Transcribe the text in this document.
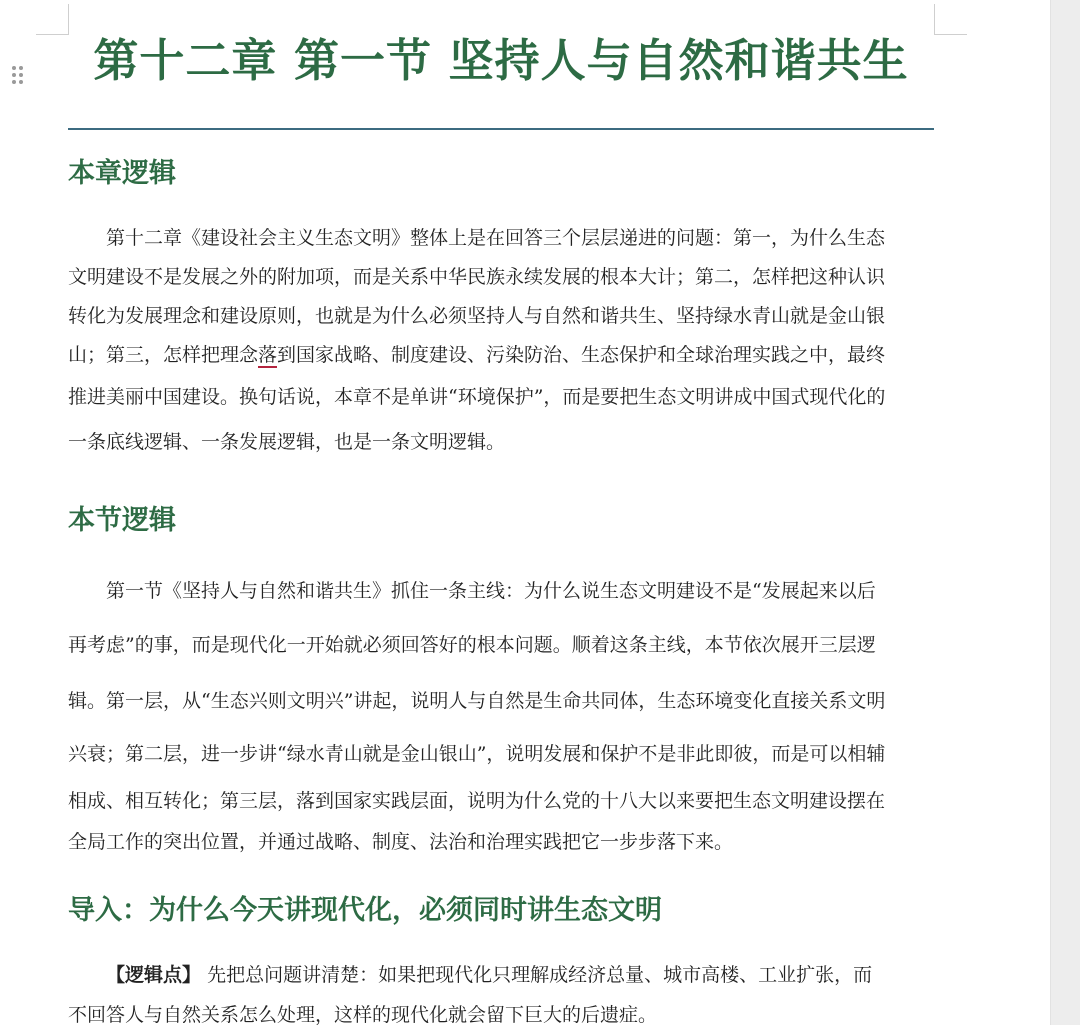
第十二章 第一节 坚持人与自然和谐共生
本章逻辑
第十二章《建设社会主义生态文明》整体上是在回答三个层层递进的问题：第一，为什么生态
文明建设不是发展之外的附加项，而是关系中华民族永续发展的根本大计；第二，怎样把这种认识
转化为发展理念和建设原则，也就是为什么必须坚持人与自然和谐共生、坚持绿水青山就是金山银
山；第三，怎样把理念落到国家战略、制度建设、污染防治、生态保护和全球治理实践之中，最终
推进美丽中国建设。换句话说，本章不是单讲“环境保护”，而是要把生态文明讲成中国式现代化的
一条底线逻辑、一条发展逻辑，也是一条文明逻辑。
本节逻辑
第一节《坚持人与自然和谐共生》抓住一条主线：为什么说生态文明建设不是“发展起来以后
再考虑”的事，而是现代化一开始就必须回答好的根本问题。顺着这条主线，本节依次展开三层逻
辑。第一层，从“生态兴则文明兴”讲起，说明人与自然是生命共同体，生态环境变化直接关系文明
兴衰；第二层，进一步讲“绿水青山就是金山银山”，说明发展和保护不是非此即彼，而是可以相辅
相成、相互转化；第三层，落到国家实践层面，说明为什么党的十八大以来要把生态文明建设摆在
全局工作的突出位置，并通过战略、制度、法治和治理实践把它一步步落下来。
导入：为什么今天讲现代化，必须同时讲生态文明
【逻辑点】 先把总问题讲清楚：如果把现代化只理解成经济总量、城市高楼、工业扩张，而
不回答人与自然关系怎么处理，这样的现代化就会留下巨大的后遗症。
